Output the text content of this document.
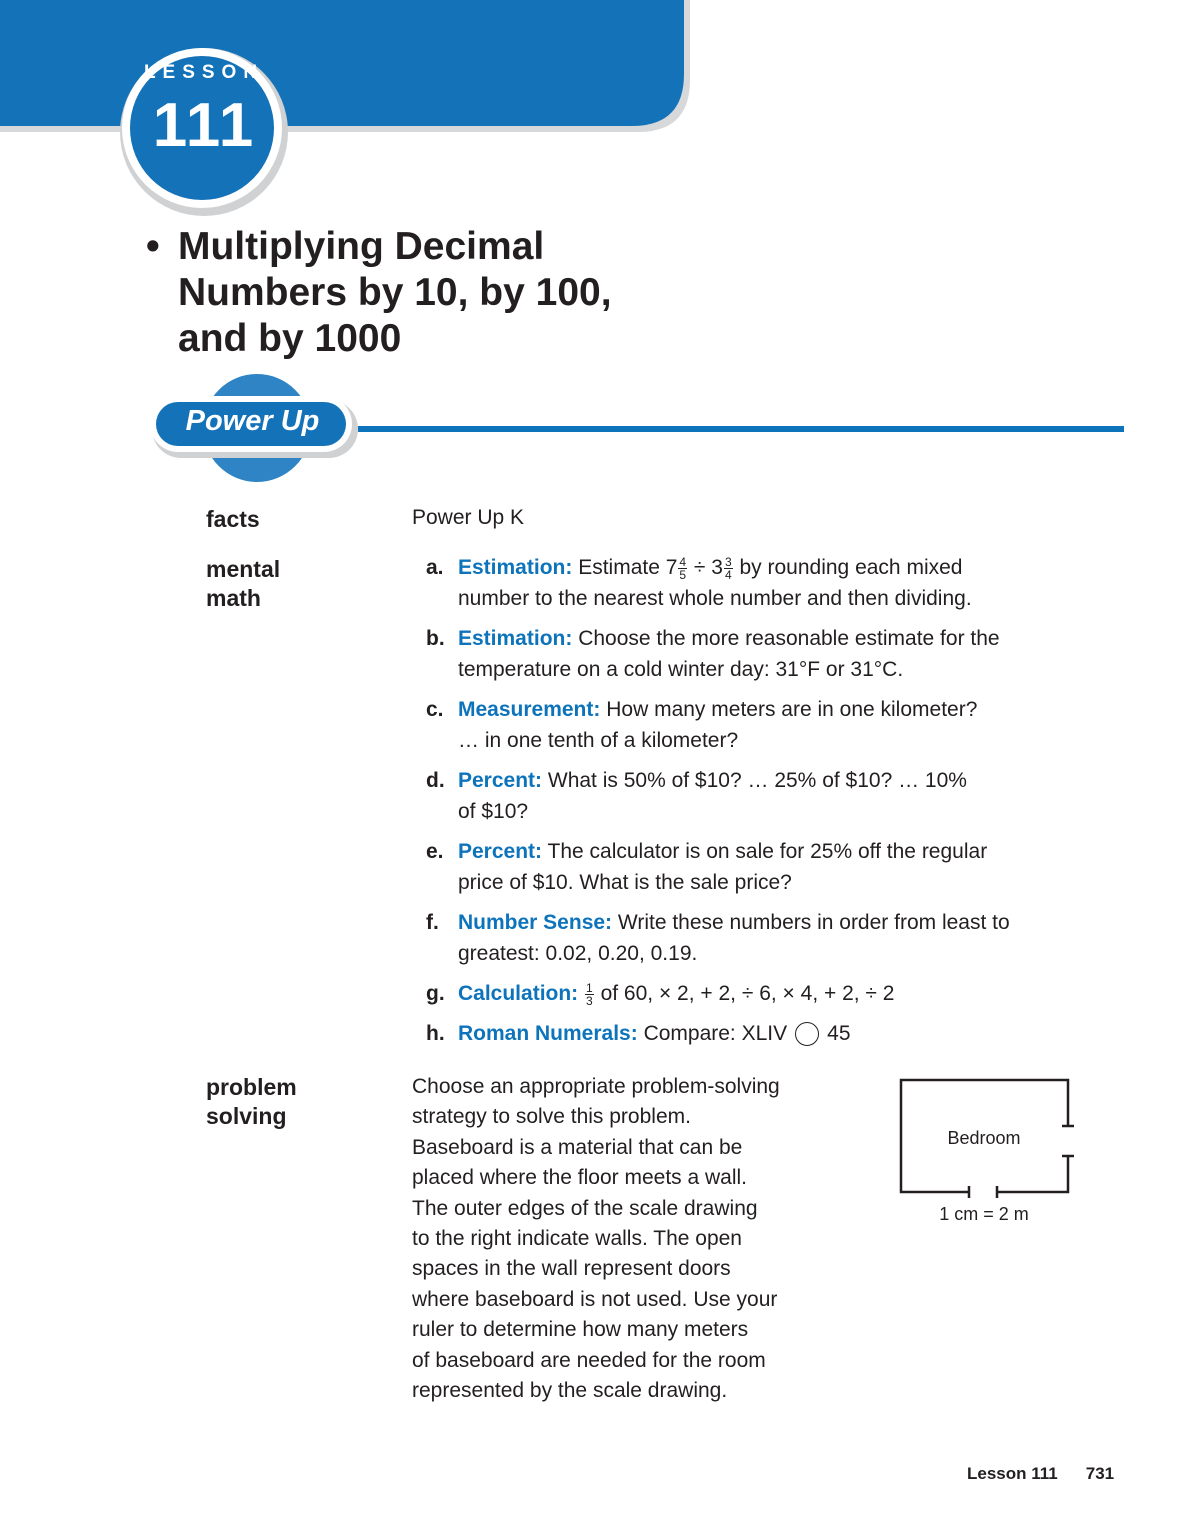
LESSON
111
• Multiplying Decimal
Numbers by 10, by 100,
and by 1000
Power Up
facts	Power Up K
mental
math
a. Estimation: Estimate $7 \frac{4}{5} \div 3 \frac{3}{4}$ by rounding each mixed
number to the nearest whole number and then dividing.
b. Estimation: Choose the more reasonable estimate for the
temperature on a cold winter day: 31°F or 31°C.
c. Measurement: How many meters are in one kilometer?
… in one tenth of a kilometer?
d. Percent: What is 50% of $10? … 25% of $10? … 10%
of $10?
e. Percent: The calculator is on sale for 25% off the regular
price of $10. What is the sale price?
f. Number Sense: Write these numbers in order from least to
greatest: 0.02, 0.20, 0.19.
g. Calculation: $\frac{1}{3}$ of 60, × 2, + 2, ÷ 6, × 4, + 2, ÷ 2
h. Roman Numerals: Compare: XLIV 45
problem
solving
Choose an appropriate problem-solving
strategy to solve this problem.
Baseboard is a material that can be
placed where the floor meets a wall.
The outer edges of the scale drawing
to the right indicate walls. The open
spaces in the wall represent doors
where baseboard is not used. Use your
ruler to determine how many meters
of baseboard are needed for the room
represented by the scale drawing.
Bedroom
1 cm = 2 m
Lesson 111 731
